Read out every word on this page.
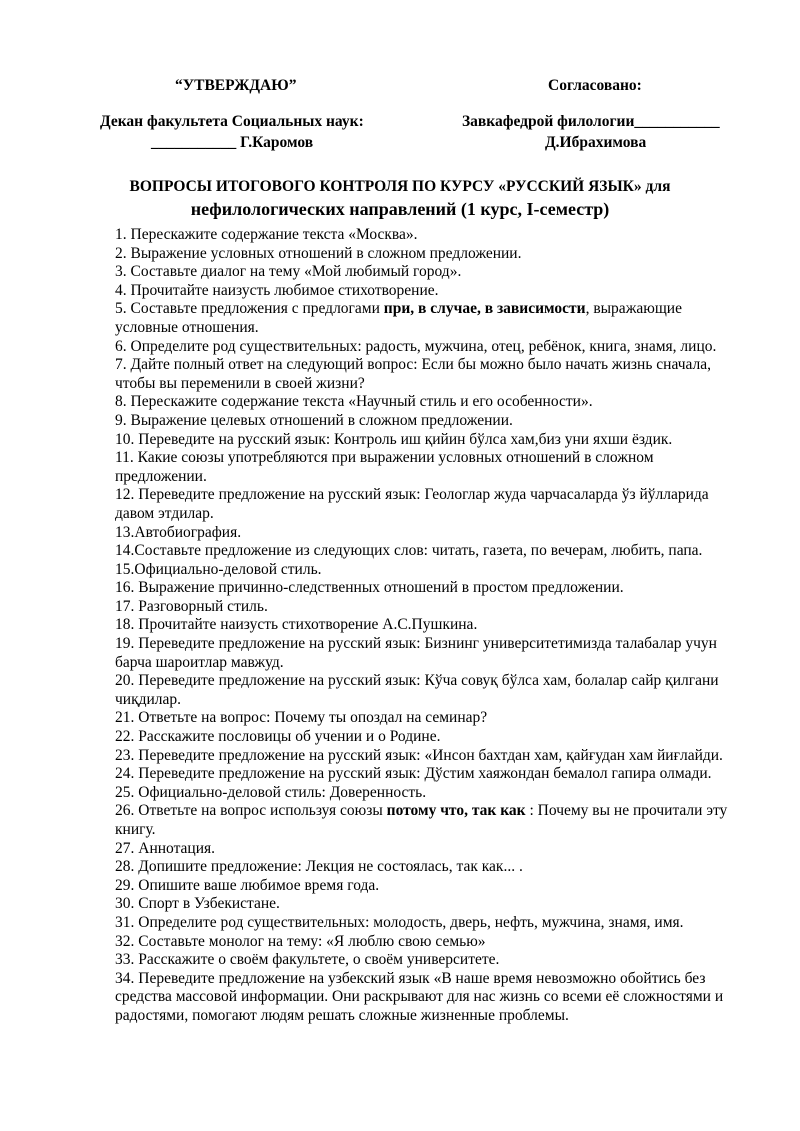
“УТВЕРЖДАЮ”	Согласовано:
Декан факультета Социальных наук:	Завкафедрой филологии___________
___________ Г.Каромов	Д.Ибрахимова
ВОПРОСЫ ИТОГОВОГО КОНТРОЛЯ ПО КУРСУ «РУССКИЙ ЯЗЫК» для
нефилологических направлений (1 курс, I-семестр)

1. Перескажите содержание текста «Москва».

2. Выражение условных отношений в сложном предложении.

3. Составьте диалог на тему «Мой любимый город».

4. Прочитайте наизусть любимое стихотворение.

5. Составьте предложения с предлогами при, в случае, в зависимости, выражающие условные отношения.

6. Определите род существительных: радость, мужчина, отец, ребёнок, книга, знамя, лицо.

7. Дайте полный ответ на следующий вопрос: Если бы можно было начать жизнь сначала, чтобы вы переменили в своей жизни?

8. Перескажите содержание текста «Научный стиль и его особенности».

9. Выражение целевых отношений в сложном предложении.

10. Переведите на русский язык: Контроль иш қийин бўлса хам,биз уни яхши ёздик.

11. Какие союзы употребляются при выражении условных отношений в сложном предложении.

12. Переведите предложение на русский язык: Геологлар жуда чарчасаларда ўз йўлларида давом этдилар.

13.Автобиография.

14.Составьте предложение из следующих слов: читать, газета, по вечерам, любить, папа.

15.Официально-деловой стиль.

16. Выражение причинно-следственных отношений в простом предложении.

17. Разговорный стиль.

18. Прочитайте наизусть стихотворение А.С.Пушкина.

19. Переведите предложение на русский язык: Бизнинг университетимизда талабалар учун барча шароитлар мавжуд.

20. Переведите предложение на русский язык: Кўча совуқ бўлса хам, болалар сайр қилгани чиқдилар.

21. Ответьте на вопрос: Почему ты опоздал на семинар?

22. Расскажите пословицы об учении и о Родине.

23. Переведите предложение на русский язык: «Инсон бахтдан хам, қайғудан хам йиғлайди.

24. Переведите предложение на русский язык: Дўстим хаяжондан бемалол гапира олмади.

25. Официально-деловой стиль: Доверенность.

26. Ответьте на вопрос используя союзы потому что, так как : Почему вы не прочитали эту книгу.

27. Аннотация.

28. Допишите предложение: Лекция не состоялась, так как... .

29. Опишите ваше любимое время года.

30. Спорт в Узбекистане.

31. Определите род существительных: молодость, дверь, нефть, мужчина, знамя, имя.

32. Составьте монолог на тему: «Я люблю свою семью»

33. Расскажите о своём факультете, о своём университете.

34. Переведите предложение на узбекский язык «В наше время невозможно обойтись без средства массовой информации. Они раскрывают для нас жизнь со всеми её сложностями и радостями, помогают людям решать сложные жизненные проблемы.
